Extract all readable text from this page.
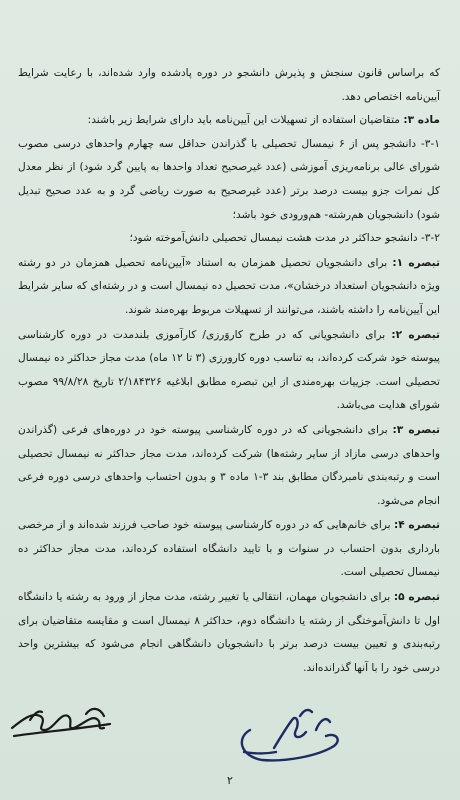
که براساس قانون سنجش و پذیرش دانشجو در دوره پادشده وارد شده‌اند، با رعایت شرایط آیین‌نامه اختصاص دهد.

ماده ۳: متقاضیان استفاده از تسهیلات این آیین‌نامه باید دارای شرایط زیر باشند:

۳-۱- دانشجو پس از ۶ نیمسال تحصیلی با گذراندن حداقل سه چهارم واحدهای درسی مصوب شورای عالی برنامه‌ریزی آموزشی (عدد غیرصحیح تعداد واحدها به پایین گرد شود) از نظر معدل کل نمرات جزو بیست درصد برتر (عدد غیرصحیح به صورت ریاضی گرد و به عدد صحیح تبدیل شود) دانشجویان هم‌رشته- هم‌ورودی خود باشد؛

۳-۲- دانشجو حداکثر در مدت هشت نیمسال تحصیلی دانش‌آموخته شود؛

تبصره ۱: برای دانشجویان تحصیل همزمان به استناد «آیین‌نامه تحصیل همزمان در دو رشته ویژه دانشجویان استعداد درخشان»، مدت تحصیل ده نیمسال است و در رشته‌ای که سایر شرایط این آیین‌نامه را داشته باشند، می‌توانند از تسهیلات مربوط بهره‌مند شوند.

تبصره ۲: برای دانشجویانی که در طرح کاروَرزی/ کارآموزی بلندمدت در دوره کارشناسی پیوسته خود شرکت کرده‌اند، به تناسب دوره کارورزی (۳ تا ۱۲ ماه) مدت مجاز حداکثر ده نیمسال تحصیلی است. جزییات بهره‌مندی از این تبصره مطابق ابلاغیه ۲/۱۸۴۳۲۶ تاریخ ۹۹/۸/۲۸ مصوب شورای هدایت می‌باشد.

تبصره ۳: برای دانشجویانی که در دوره کارشناسی پیوسته خود در دوره‌های فرعی (گذراندن واحدهای درسی مازاد از سایر رشته‌ها) شرکت کرده‌اند، مدت مجاز حداکثر نه نیمسال تحصیلی است و رتبه‌بندی نامبردگان مطابق بند ۳-۱ ماده ۳ و بدون احتساب واحدهای درسی دوره فرعی انجام می‌شود.

تبصره ۴: برای خانم‌هایی که در دوره کارشناسی پیوسته خود صاحب فرزند شده‌اند و از مرخصی بارداری بدون احتساب در سنوات و با تایید دانشگاه استفاده کرده‌اند، مدت مجاز حداکثر ده نیمسال تحصیلی است.

تبصره ۵: برای دانشجویان مهمان، انتقالی یا تغییر رشته، مدت مجاز از ورود به رشته یا دانشگاه اول تا دانش‌آموختگی از رشته یا دانشگاه دوم، حداکثر ۸ نیمسال است و مقایسه متقاضیان برای رتبه‌بندی و تعیین بیست درصد برتر با دانشجویان دانشگاهی انجام می‌شود که بیشترین واحد درسی خود را با آنها گذرانده‌اند.

۲
